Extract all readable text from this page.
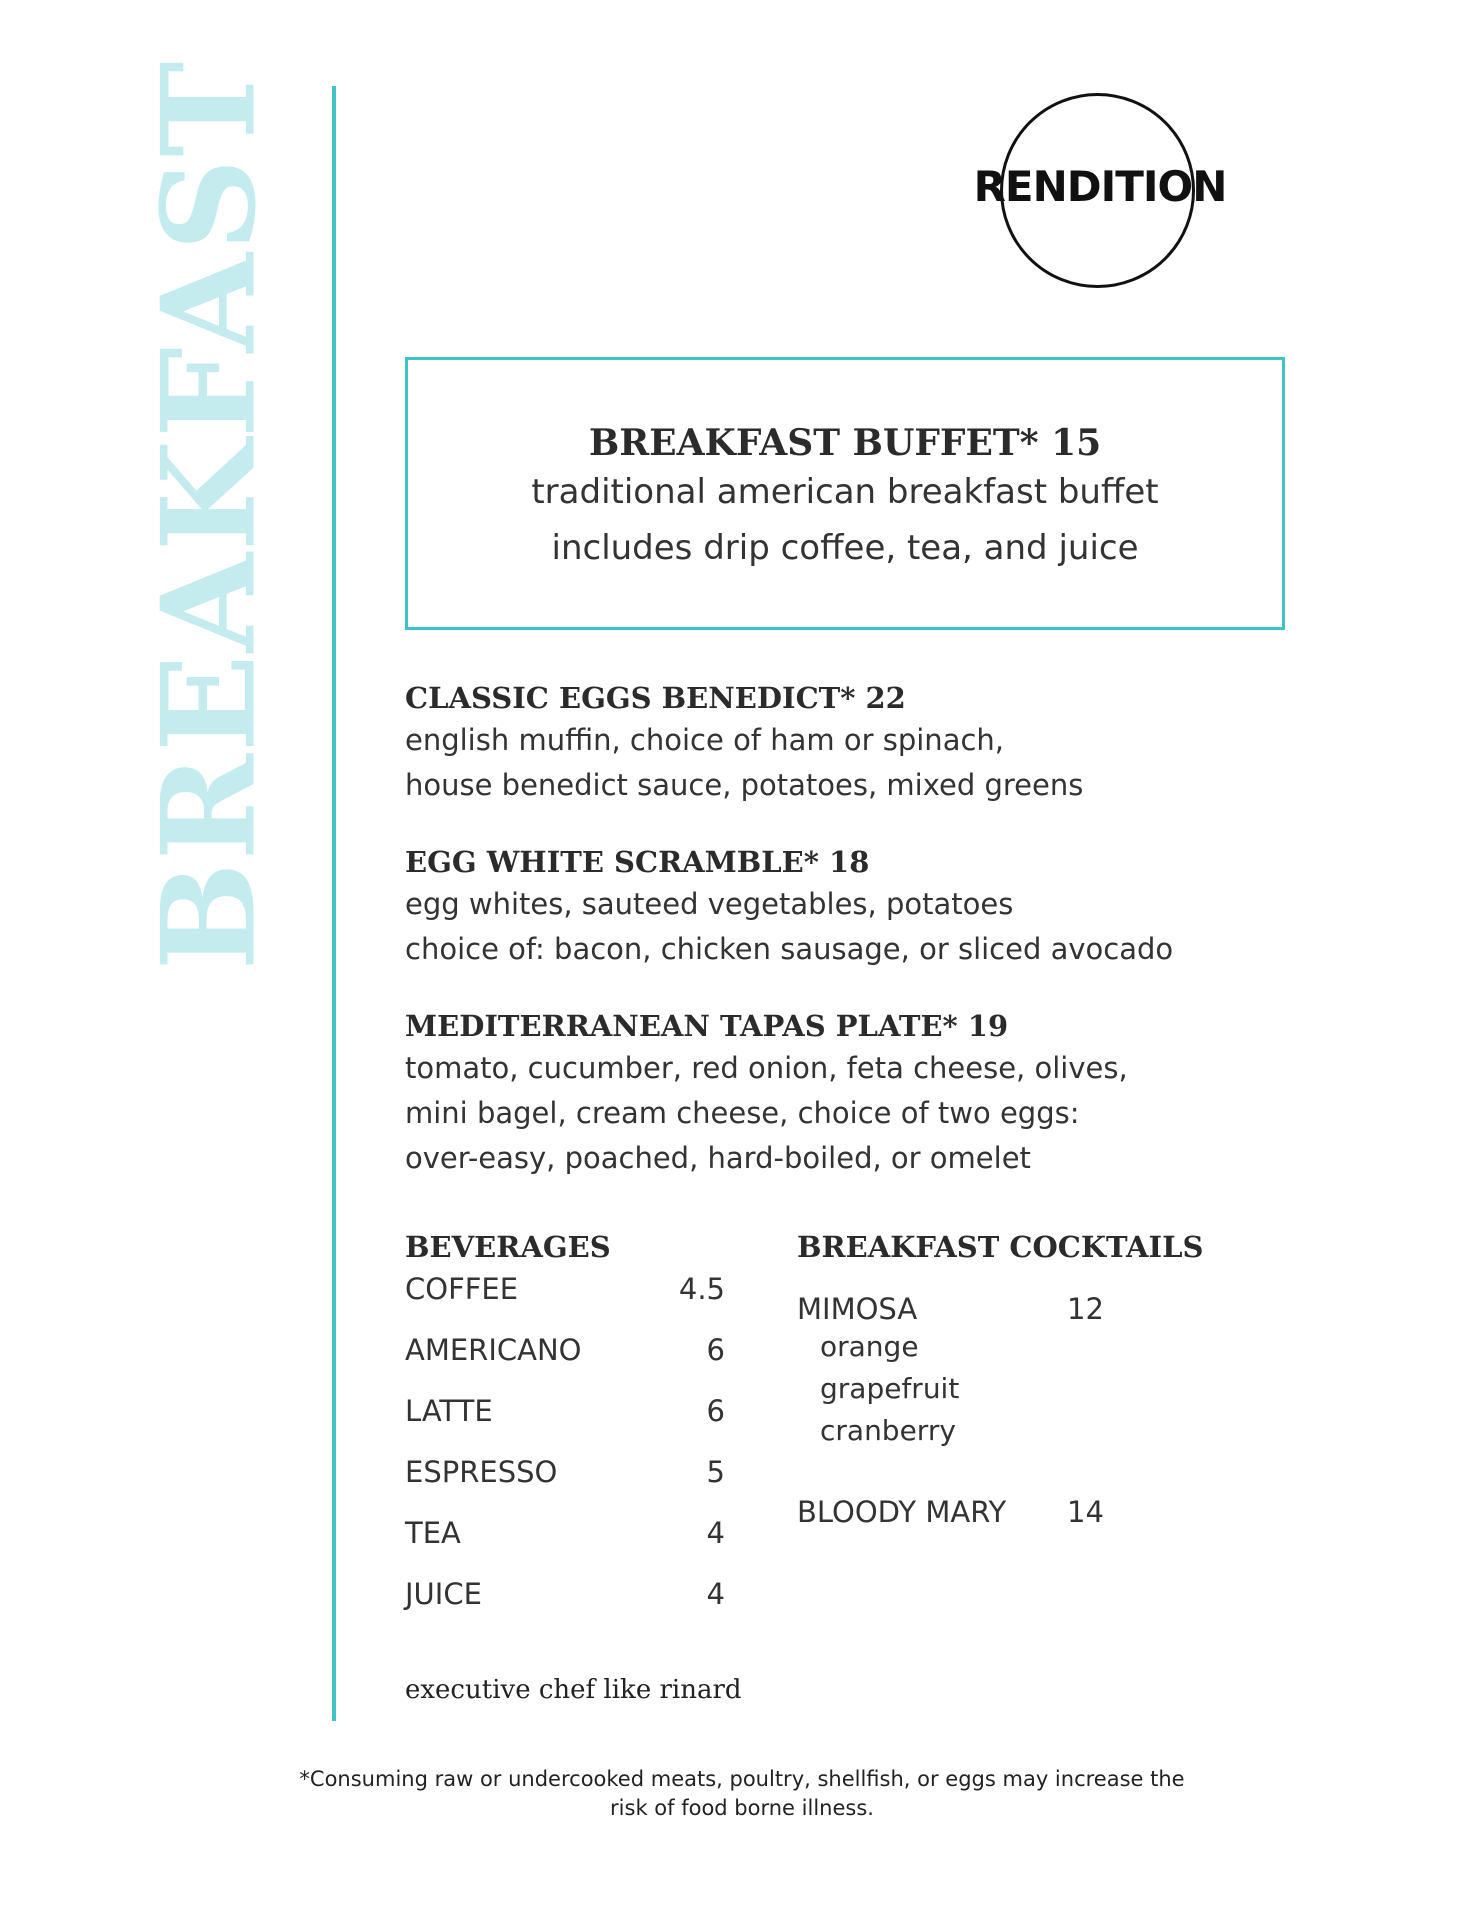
BREAKFAST	RENDITION
BREAKFAST BUFFET* 15
traditional american breakfast buffet
includes drip coffee, tea, and juice
CLASSIC EGGS BENEDICT* 22
english muffin, choice of ham or spinach,
house benedict sauce, potatoes, mixed greens
EGG WHITE SCRAMBLE* 18
egg whites, sauteed vegetables, potatoes
choice of: bacon, chicken sausage, or sliced avocado
MEDITERRANEAN TAPAS PLATE* 19
tomato, cucumber, red onion, feta cheese, olives,
mini bagel, cream cheese, choice of two eggs:
over-easy, poached, hard-boiled, or omelet
BEVERAGES
COFFEE	4.5
AMERICANO	6
LATTE	6
ESPRESSO	5
TEA	4
JUICE	4
BREAKFAST COCKTAILS
MIMOSA	12
orange
grapefruit
cranberry
BLOODY MARY 14
executive chef like rinard
*Consuming raw or undercooked meats, poultry, shellfish, or eggs may increase the
risk of food borne illness.
